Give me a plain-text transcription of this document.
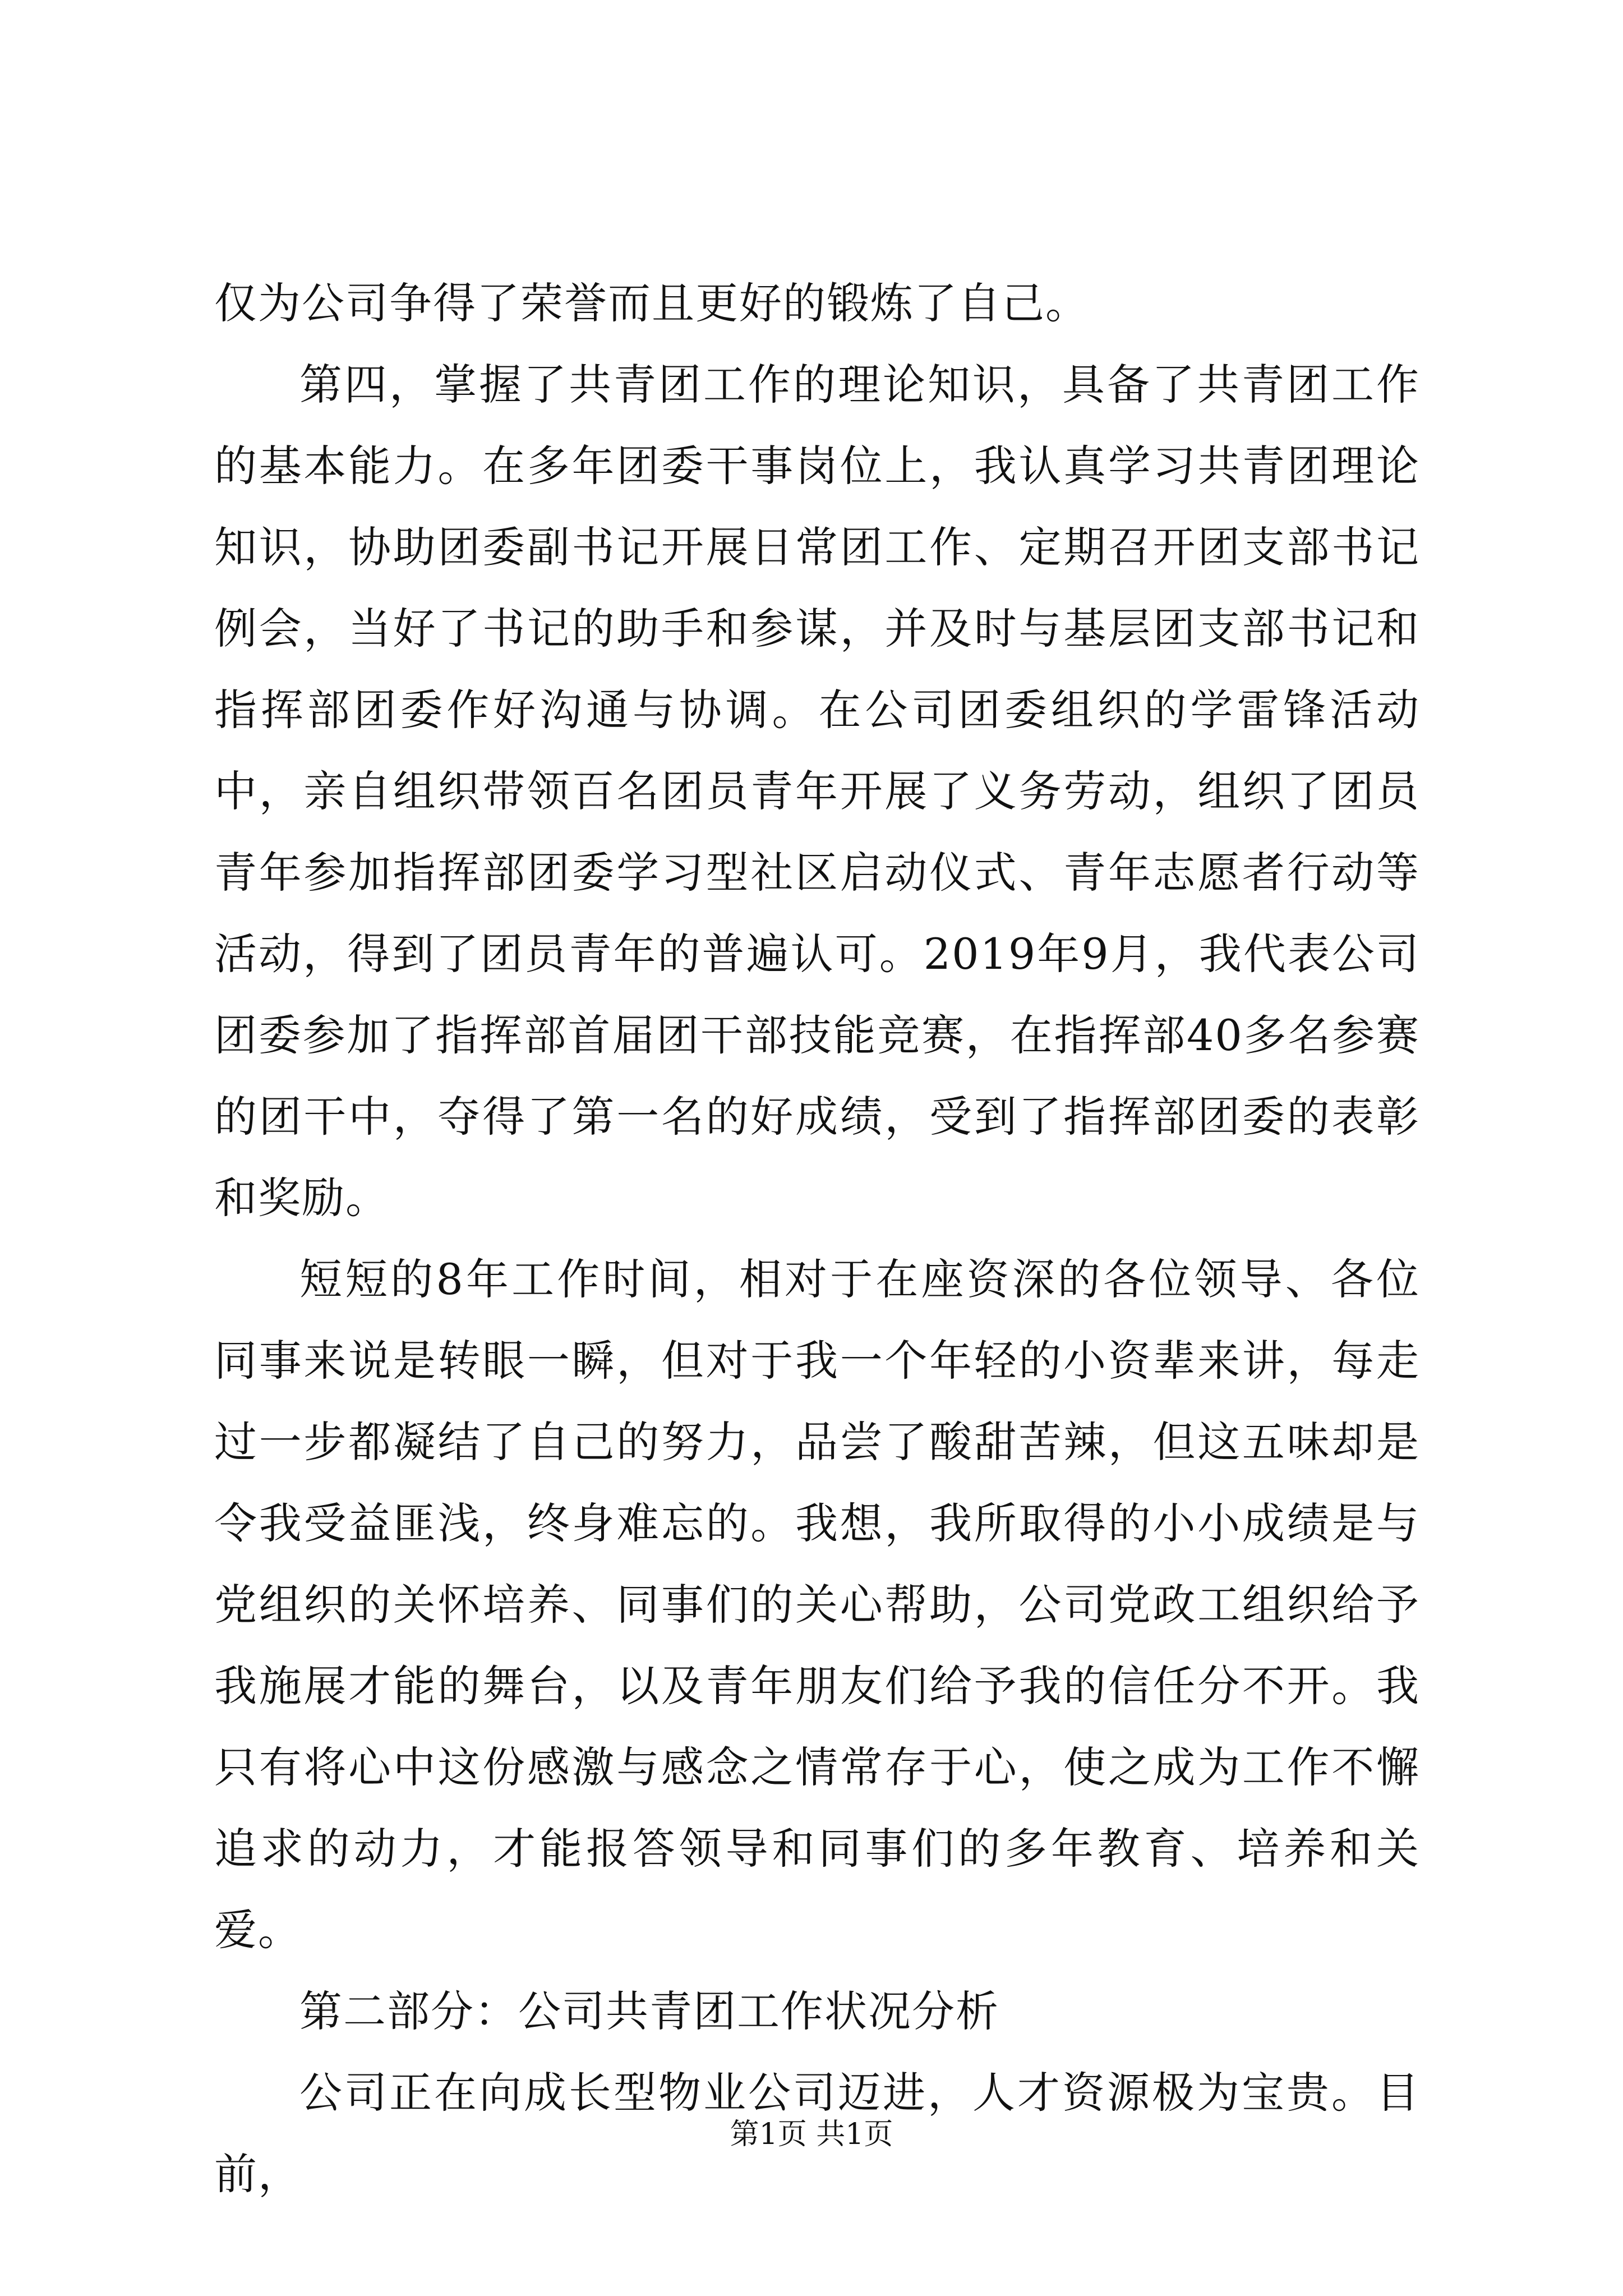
仅为公司争得了荣誉而且更好的锻炼了自己。

第四，掌握了共青团工作的理论知识，具备了共青团工作的基本能力。在多年团委干事岗位上，我认真学习共青团理论知识，协助团委副书记开展日常团工作、定期召开团支部书记例会，当好了书记的助手和参谋，并及时与基层团支部书记和指挥部团委作好沟通与协调。在公司团委组织的学雷锋活动中，亲自组织带领百名团员青年开展了义务劳动，组织了团员青年参加指挥部团委学习型社区启动仪式、青年志愿者行动等活动，得到了团员青年的普遍认可。2019年9月，我代表公司团委参加了指挥部首届团干部技能竞赛，在指挥部40多名参赛的团干中，夺得了第一名的好成绩，受到了指挥部团委的表彰和奖励。

短短的8年工作时间，相对于在座资深的各位领导、各位同事来说是转眼一瞬，但对于我一个年轻的小资辈来讲，每走过一步都凝结了自己的努力，品尝了酸甜苦辣，但这五味却是令我受益匪浅，终身难忘的。我想，我所取得的小小成绩是与党组织的关怀培养、同事们的关心帮助，公司党政工组织给予我施展才能的舞台，以及青年朋友们给予我的信任分不开。我只有将心中这份感激与感念之情常存于心，使之成为工作不懈追求的动力，才能报答领导和同事们的多年教育、培养和关爱。

第二部分：公司共青团工作状况分析

公司正在向成长型物业公司迈进，人才资源极为宝贵。目前，

第1页 共1页
